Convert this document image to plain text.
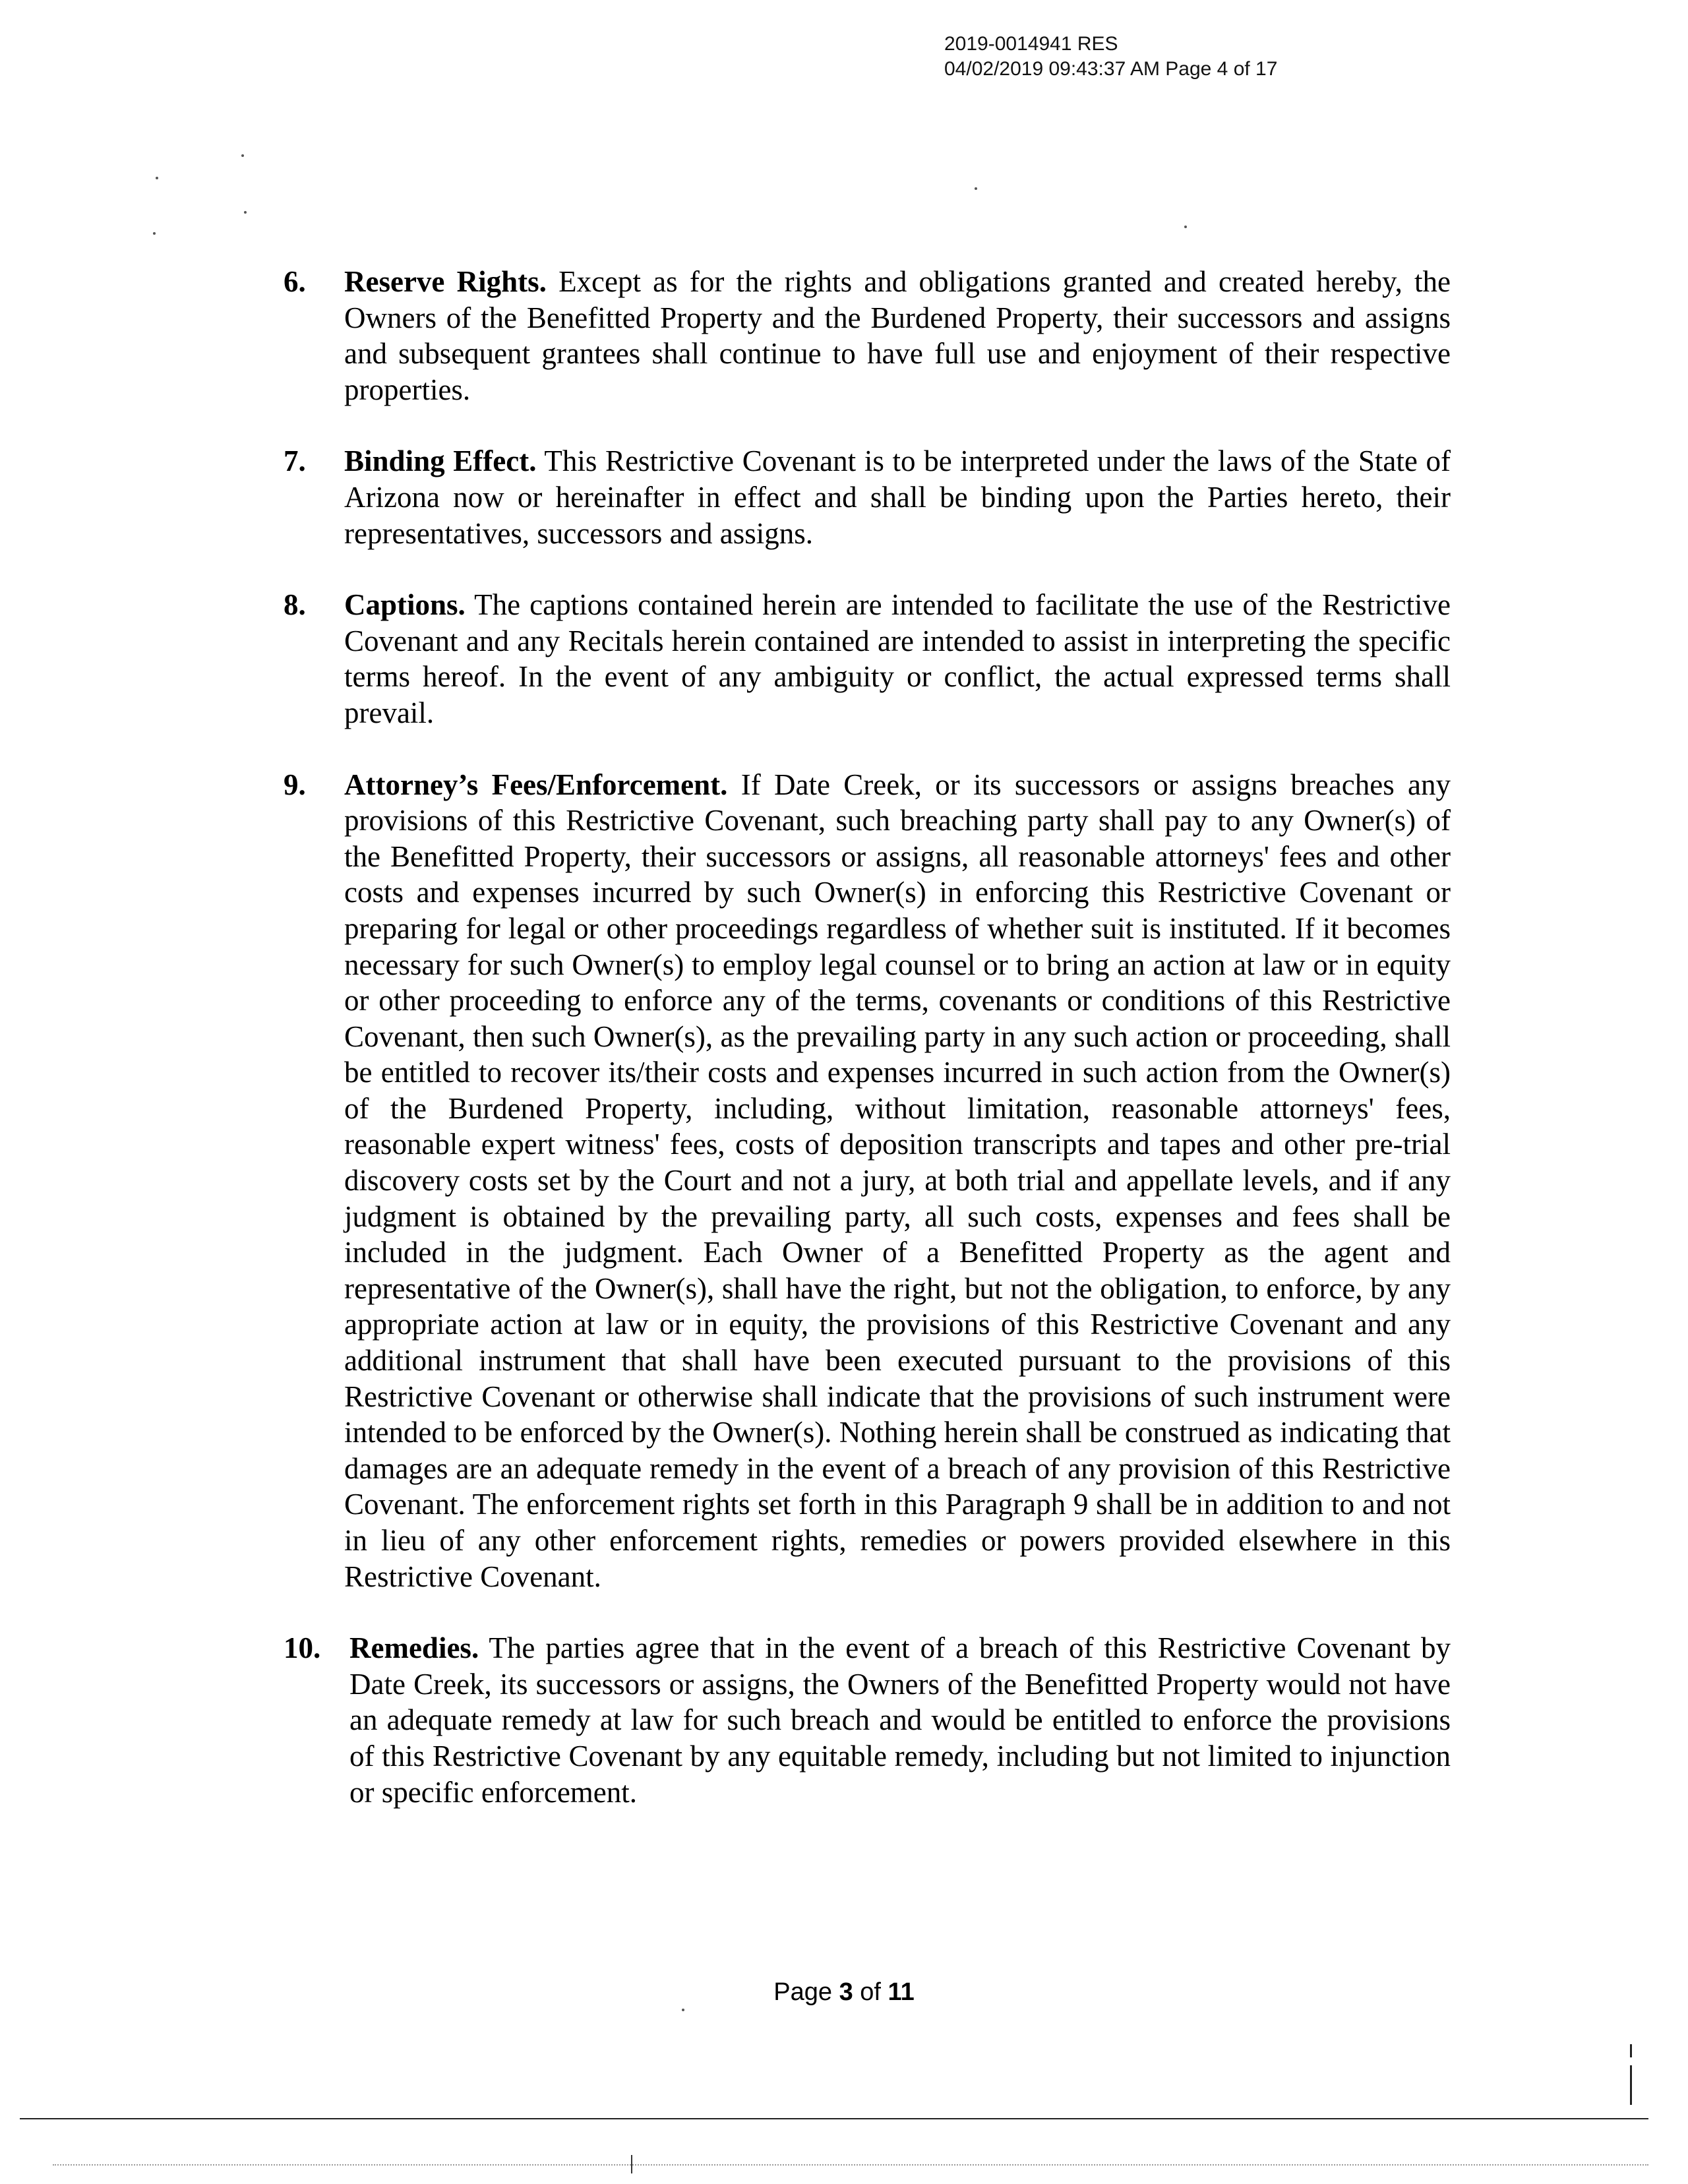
2019-0014941 RES
04/02/2019 09:43:37 AM Page 4 of 17
6.	Reserve Rights. Except as for the rights and obligations granted and created hereby, the Owners of the Benefitted Property and the Burdened Property, their successors and assigns and subsequent grantees shall continue to have full use and enjoyment of their respective properties.
7.	Binding Effect. This Restrictive Covenant is to be interpreted under the laws of the State of Arizona now or hereinafter in effect and shall be binding upon the Parties hereto, their representatives, successors and assigns.
8.	Captions. The captions contained herein are intended to facilitate the use of the Restrictive Covenant and any Recitals herein contained are intended to assist in interpreting the specific terms hereof. In the event of any ambiguity or conflict, the actual expressed terms shall prevail.
9.	Attorney’s Fees/Enforcement. If Date Creek, or its successors or assigns breaches any provisions of this Restrictive Covenant, such breaching party shall pay to any Owner(s) of the Benefitted Property, their successors or assigns, all reasonable attorneys' fees and other costs and expenses incurred by such Owner(s) in enforcing this Restrictive Covenant or preparing for legal or other proceedings regardless of whether suit is instituted. If it becomes necessary for such Owner(s) to employ legal counsel or to bring an action at law or in equity or other proceeding to enforce any of the terms, covenants or conditions of this Restrictive Covenant, then such Owner(s), as the prevailing party in any such action or proceeding, shall be entitled to recover its/their costs and expenses incurred in such action from the Owner(s) of the Burdened Property, including, without limitation, reasonable attorneys' fees, reasonable expert witness' fees, costs of deposition transcripts and tapes and other pre-trial discovery costs set by the Court and not a jury, at both trial and appellate levels, and if any judgment is obtained by the prevailing party, all such costs, expenses and fees shall be included in the judgment. Each Owner of a Benefitted Property as the agent and representative of the Owner(s), shall have the right, but not the obligation, to enforce, by any appropriate action at law or in equity, the provisions of this Restrictive Covenant and any additional instrument that shall have been executed pursuant to the provisions of this Restrictive Covenant or otherwise shall indicate that the provisions of such instrument were intended to be enforced by the Owner(s). Nothing herein shall be construed as indicating that damages are an adequate remedy in the event of a breach of any provision of this Restrictive Covenant. The enforcement rights set forth in this Paragraph 9 shall be in addition to and not in lieu of any other enforcement rights, remedies or powers provided elsewhere in this Restrictive Covenant.
10. Remedies. The parties agree that in the event of a breach of this Restrictive Covenant by Date Creek, its successors or assigns, the Owners of the Benefitted Property would not have an adequate remedy at law for such breach and would be entitled to enforce the provisions of this Restrictive Covenant by any equitable remedy, including but not limited to injunction or specific enforcement.
Page 3 of 11
